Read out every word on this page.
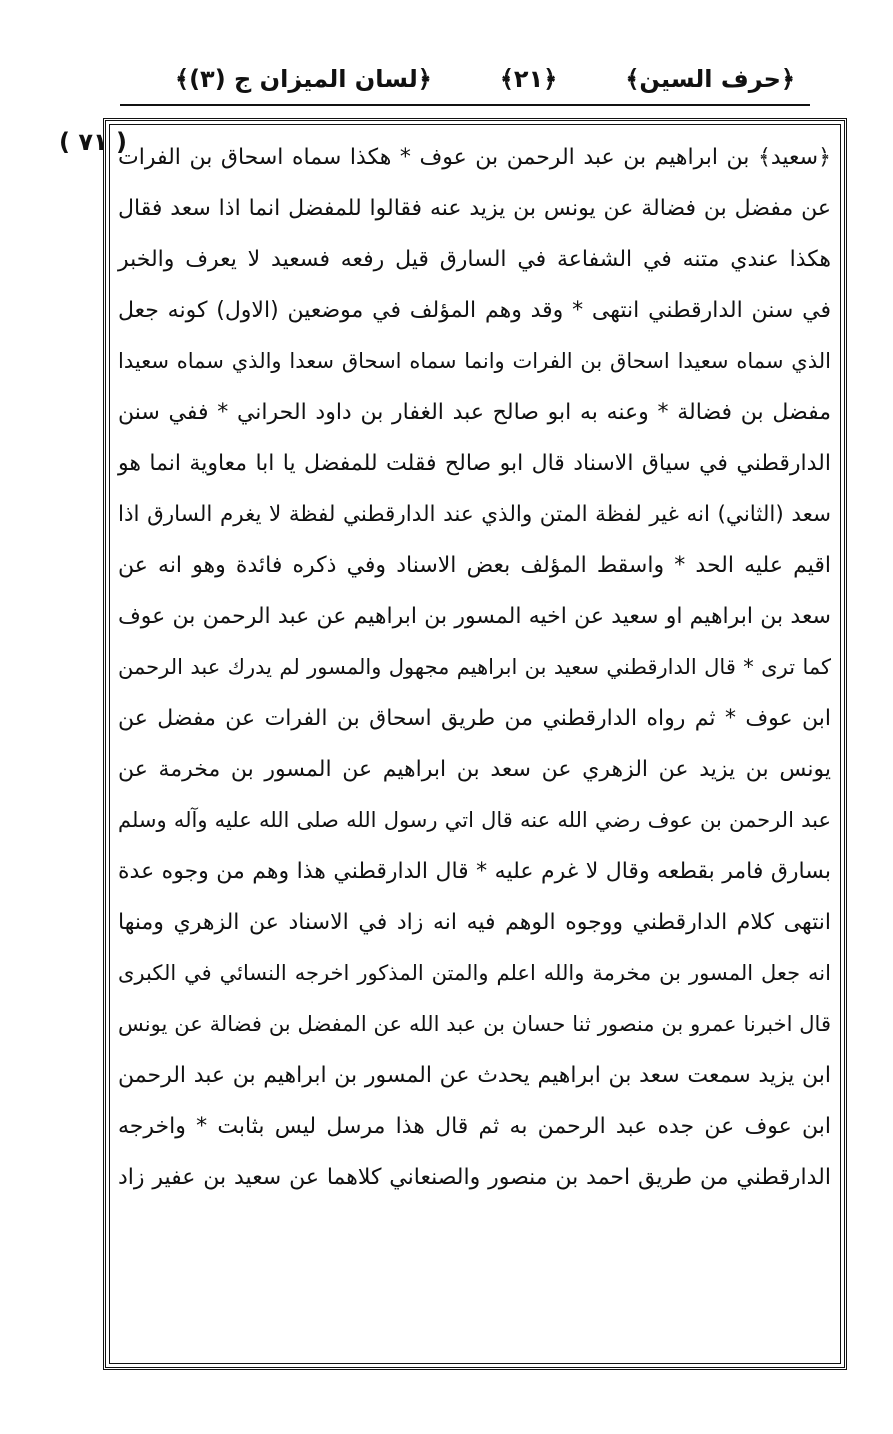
﴿حرف السين﴾
﴿٢١﴾
﴿لسان الميزان ج (٣)﴾
( ٧١ )
﴿سعيد﴾ بن ابراهيم بن عبد الرحمن بن عوف * هكذا سماه اسحاق بن الفرات
عن مفضل بن فضالة عن يونس بن يزيد عنه فقالوا للمفضل انما اذا سعد فقال
هكذا عندي متنه في الشفاعة في السارق قيل رفعه فسعيد لا يعرف والخبر
في سنن الدارقطني انتهى * وقد وهم المؤلف في موضعين (الاول) كونه جعل
الذي سماه سعيدا اسحاق بن الفرات وانما سماه اسحاق سعدا والذي سماه سعيدا
مفضل بن فضالة * وعنه به ابو صالح عبد الغفار بن داود الحراني * ففي سنن
الدارقطني في سياق الاسناد قال ابو صالح فقلت للمفضل يا ابا معاوية انما هو
سعد (الثاني) انه غير لفظة المتن والذي عند الدارقطني لفظة لا يغرم السارق اذا
اقيم عليه الحد * واسقط المؤلف بعض الاسناد وفي ذكره فائدة وهو انه عن
سعد بن ابراهيم او سعيد عن اخيه المسور بن ابراهيم عن عبد الرحمن بن عوف
كما ترى * قال الدارقطني سعيد بن ابراهيم مجهول والمسور لم يدرك عبد الرحمن
ابن عوف * ثم رواه الدارقطني من طريق اسحاق بن الفرات عن مفضل عن
يونس بن يزيد عن الزهري عن سعد بن ابراهيم عن المسور بن مخرمة عن
عبد الرحمن بن عوف رضي الله عنه قال اتي رسول الله صلى الله عليه وآله وسلم
بسارق فامر بقطعه وقال لا غرم عليه * قال الدارقطني هذا وهم من وجوه عدة
انتهى كلام الدارقطني ووجوه الوهم فيه انه زاد في الاسناد عن الزهري ومنها
انه جعل المسور بن مخرمة والله اعلم والمتن المذكور اخرجه النسائي في الكبرى
قال اخبرنا عمرو بن منصور ثنا حسان بن عبد الله عن المفضل بن فضالة عن يونس
ابن يزيد سمعت سعد بن ابراهيم يحدث عن المسور بن ابراهيم بن عبد الرحمن
ابن عوف عن جده عبد الرحمن به ثم قال هذا مرسل ليس بثابت * واخرجه
الدارقطني من طريق احمد بن منصور والصنعاني كلاهما عن سعيد بن عفير زاد
